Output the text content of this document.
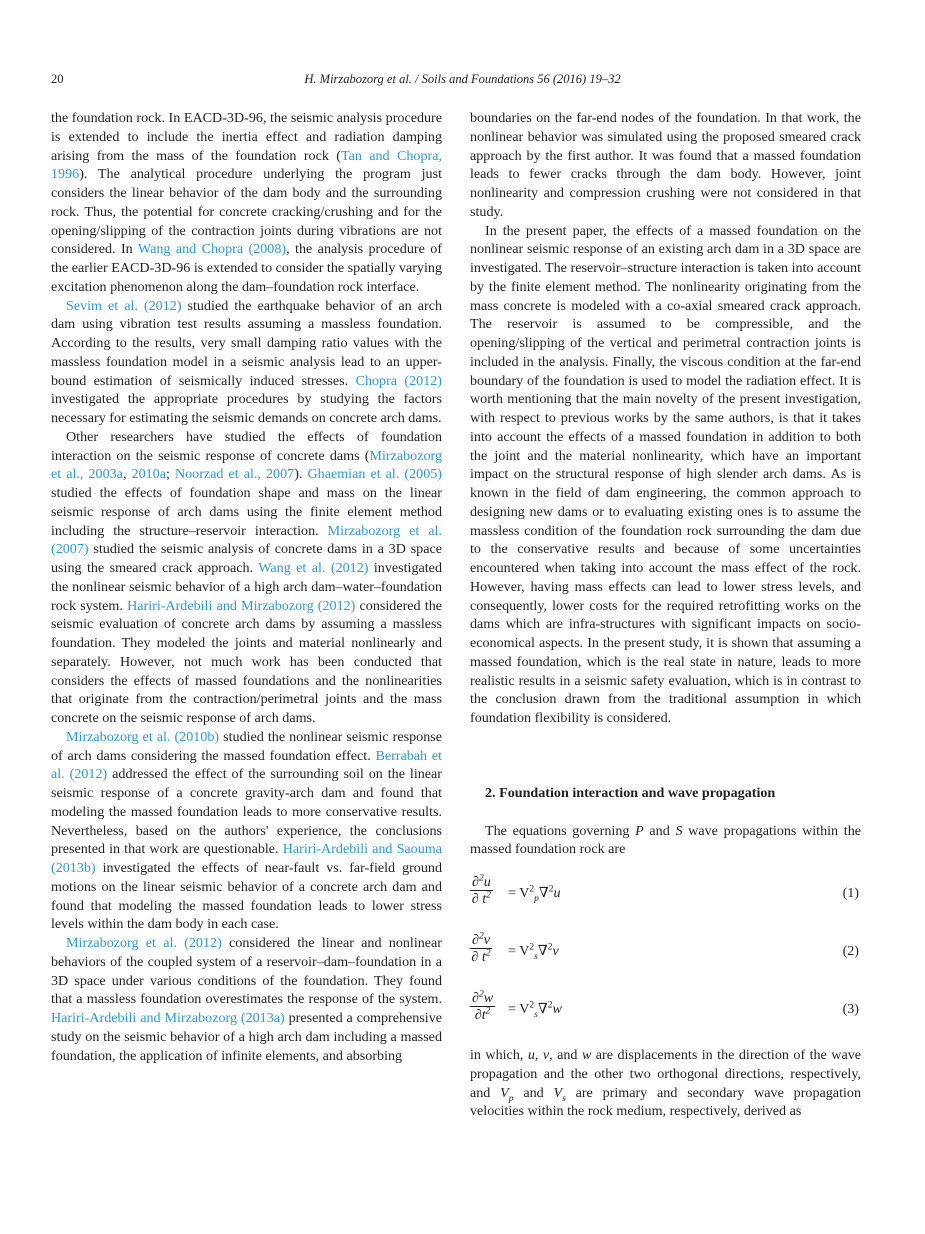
20	H. Mirzabozorg et al. / Soils and Foundations 56 (2016) 19–32

the foundation rock. In EACD-3D-96, the seismic analysis procedure is extended to include the inertia effect and radiation damping arising from the mass of the foundation rock (Tan and Chopra, 1996). The analytical procedure underlying the program just considers the linear behavior of the dam body and the surrounding rock. Thus, the potential for concrete cracking/crushing and for the opening/slipping of the contraction joints during vibrations are not considered. In Wang and Chopra (2008), the analysis procedure of the earlier EACD-3D-96 is extended to consider the spatially varying excitation phenomenon along the dam–foundation rock interface.

Sevim et al. (2012) studied the earthquake behavior of an arch dam using vibration test results assuming a massless foundation. According to the results, very small damping ratio values with the massless foundation model in a seismic analysis lead to an upper-bound estimation of seismically induced stresses. Chopra (2012) investigated the appropriate procedures by studying the factors necessary for estimating the seismic demands on concrete arch dams.

Other researchers have studied the effects of foundation interaction on the seismic response of concrete dams (Mirzabozorg et al., 2003a, 2010a; Noorzad et al., 2007). Ghaemian et al. (2005) studied the effects of foundation shape and mass on the linear seismic response of arch dams using the finite element method including the structure–reservoir interaction. Mirzabozorg et al. (2007) studied the seismic analysis of concrete dams in a 3D space using the smeared crack approach. Wang et al. (2012) investigated the nonlinear seismic behavior of a high arch dam–water–foundation rock system. Hariri-Ardebili and Mirzabozorg (2012) considered the seismic evaluation of concrete arch dams by assuming a massless foundation. They modeled the joints and material nonlinearly and separately. However, not much work has been conducted that considers the effects of massed foundations and the nonlinearities that originate from the contraction/perimetral joints and the mass concrete on the seismic response of arch dams.

Mirzabozorg et al. (2010b) studied the nonlinear seismic response of arch dams considering the massed foundation effect. Berrabah et al. (2012) addressed the effect of the surrounding soil on the linear seismic response of a concrete gravity-arch dam and found that modeling the massed foundation leads to more conservative results. Nevertheless, based on the authors' experience, the conclusions presented in that work are questionable. Hariri-Ardebili and Saouma (2013b) investigated the effects of near-fault vs. far-field ground motions on the linear seismic behavior of a concrete arch dam and found that modeling the massed foundation leads to lower stress levels within the dam body in each case.

Mirzabozorg et al. (2012) considered the linear and nonlinear behaviors of the coupled system of a reservoir–dam–foundation in a 3D space under various conditions of the foundation. They found that a massless foundation overestimates the response of the system. Hariri-Ardebili and Mirzabozorg (2013a) presented a comprehensive study on the seismic behavior of a high arch dam including a massed foundation, the application of infinite elements, and absorbing

boundaries on the far-end nodes of the foundation. In that work, the nonlinear behavior was simulated using the proposed smeared crack approach by the first author. It was found that a massed foundation leads to fewer cracks through the dam body. However, joint nonlinearity and compression crushing were not considered in that study.

In the present paper, the effects of a massed foundation on the nonlinear seismic response of an existing arch dam in a 3D space are investigated. The reservoir–structure interaction is taken into account by the finite element method. The nonlinearity originating from the mass concrete is modeled with a co-axial smeared crack approach. The reservoir is assumed to be compressible, and the opening/slipping of the vertical and perimetral contraction joints is included in the analysis. Finally, the viscous condition at the far-end boundary of the foundation is used to model the radiation effect. It is worth mentioning that the main novelty of the present investigation, with respect to previous works by the same authors, is that it takes into account the effects of a massed foundation in addition to both the joint and the material nonlinearity, which have an important impact on the structural response of high slender arch dams. As is known in the field of dam engineering, the common approach to designing new dams or to evaluating existing ones is to assume the massless condition of the foundation rock surrounding the dam due to the conservative results and because of some uncertainties encountered when taking into account the mass effect of the rock. However, having mass effects can lead to lower stress levels, and consequently, lower costs for the required retrofitting works on the dams which are infra-structures with significant impacts on socio-economical aspects. In the present study, it is shown that assuming a massed foundation, which is the real state in nature, leads to more realistic results in a seismic safety evaluation, which is in contrast to the conclusion drawn from the traditional assumption in which foundation flexibility is considered.

2. Foundation interaction and wave propagation

The equations governing P and S wave propagations within the massed foundation rock are

$\frac{\partial^2u}{\partial t^2} = V^2_p\nabla^2u$	(1)
$\frac{\partial^2v}{\partial t^2} = V^2_s\nabla^2v$	(2)
$\frac{\partial^2w}{\partial t^2} = V^2_s\nabla^2w$	(3)

in which, u, v, and w are displacements in the direction of the wave propagation and the other two orthogonal directions, respectively, and $V_p$ and $V_s$ are primary and secondary wave propagation velocities within the rock medium, respectively, derived as
